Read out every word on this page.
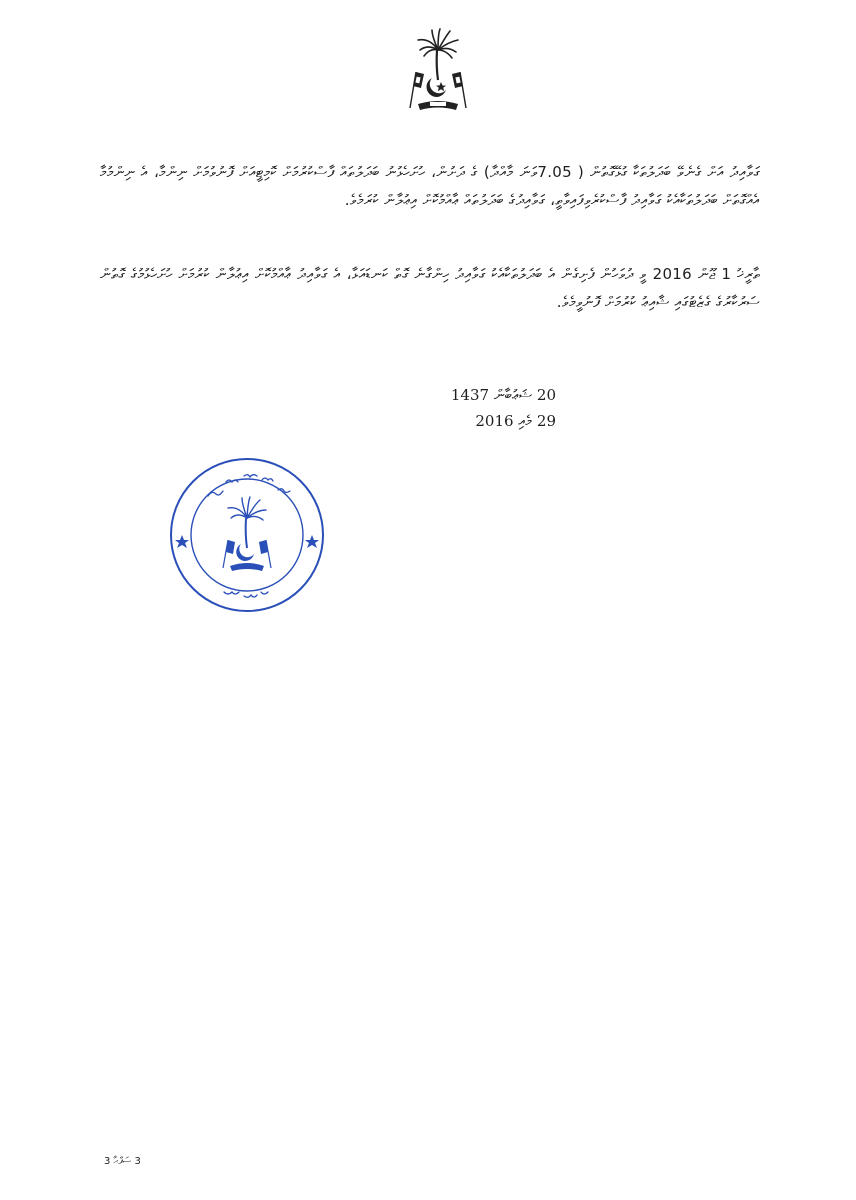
ގަވާއިދު އަށް ގެނެވޭ ބަދަލުތަކާ ގުޅޭގޮތުން ( 7.05ވަނަ މާއްދާ) ގެ ދަށުން، ހުށަހެޅުނު ބަދަލުތައް ފާސްކުރުމަށް ކޮމިޓީއަށް ފޮނުވުމަށް ނިންމާ، އެ ނިންމުމާ އެއްގޮތަށް ބަދަލުތަކާއެކު ގަވާއިދު ފާސްކުރެވިފައިވާތީ، ގަވާއިދުގެ ބަދަލުތައް ޢާއްމުކޮށް އިޢުލާން ކުރަމެވެ.
ތާރީޚު 1 ޖޫން 2016 ވީ ދުވަހުން ފެށިގެން އެ ބަދަލުތަކާއެކު ގަވާއިދު ހިންގާނެ ގޮތް ކަނޑައަޅާ، އެ ގަވާއިދު ޢާއްމުކޮށް އިޢުލާން ކުރުމަށް ހުށަހެޅުމުގެ ގޮތުން ސަރުކާރުގެ ގެޒެޓުގައި ޝާއިޢު ކުރުމަށް ފޮނުވީމެވެ.
20 ޝަޢުބާން 1437
29 މެއި 2016
3 ސަފްޙާ 3
